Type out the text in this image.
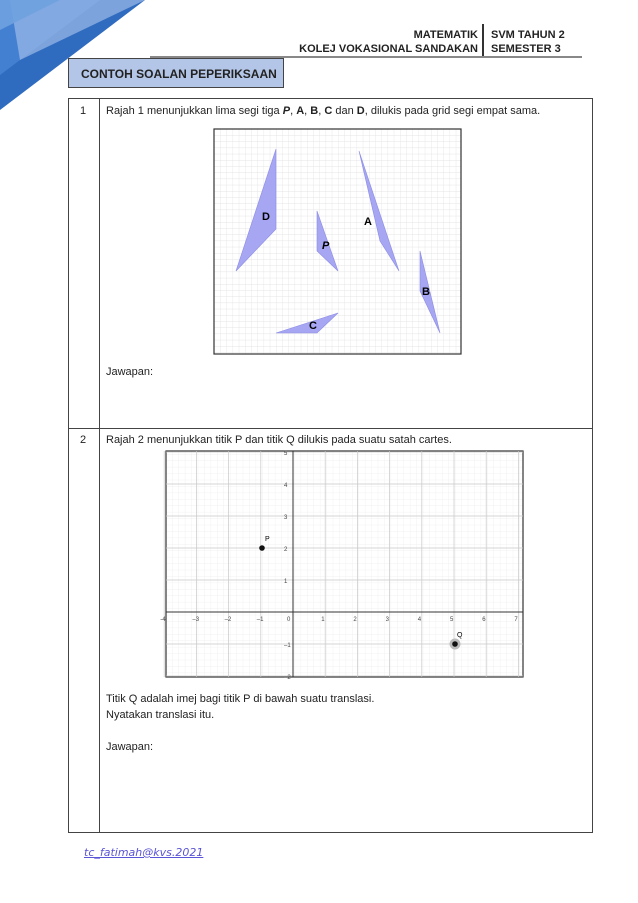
MATEMATIK
KOLEJ VOKASIONAL SANDAKAN
SVM TAHUN 2
SEMESTER 3
CONTOH SOALAN PEPERIKSAAN
1 Rajah 1 menunjukkan lima segi tiga P, A, B, C dan D, dilukis pada grid segi empat sama.
D	A
P
B
C
Jawapan:
2 Rajah 2 menunjukkan titik P dan titik Q dilukis pada suatu satah cartes.
-4	–3	–2	–1	0	1	2	3	4	5	6	7
5
4
3
2
1
–1
–2
P
Q
Titik Q adalah imej bagi titik P di bawah suatu translasi.
Nyatakan translasi itu.
Jawapan:
tc_fatimah@kvs.2021
